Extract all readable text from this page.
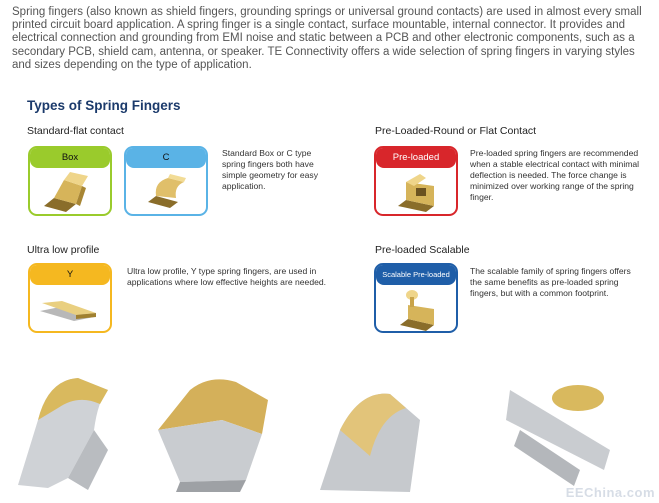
Spring fingers (also known as shield fingers, grounding springs or universal ground contacts) are used in almost every small printed circuit board application. A spring finger is a single contact, surface mountable, internal connector. It provides and electrical connection and grounding from EMI noise and static between a PCB and other electronic components, such as a secondary PCB, shield cam, antenna, or speaker. TE Connectivity offers a wide selection of spring fingers in varying styles and sizes depending on the type of application.
Types of Spring Fingers
Standard-flat contact
Box	C	Standard Box or C type spring fingers both have simple geometry for easy application.
Ultra low profile
Y	Ultra low profile, Y type spring fingers, are used in applications where low effective heights are needed.
Pre-Loaded-Round or Flat Contact
Pre-loaded	Pre-loaded spring fingers are recommended when a stable electrical contact with minimal deflection is needed. The force change is minimized over working range of the spring finger.
Pre-loaded Scalable
Scalable Pre-loaded	The scalable family of spring fingers offers the same benefits as pre-loaded spring fingers, but with a common footprint.
EEChina.com
